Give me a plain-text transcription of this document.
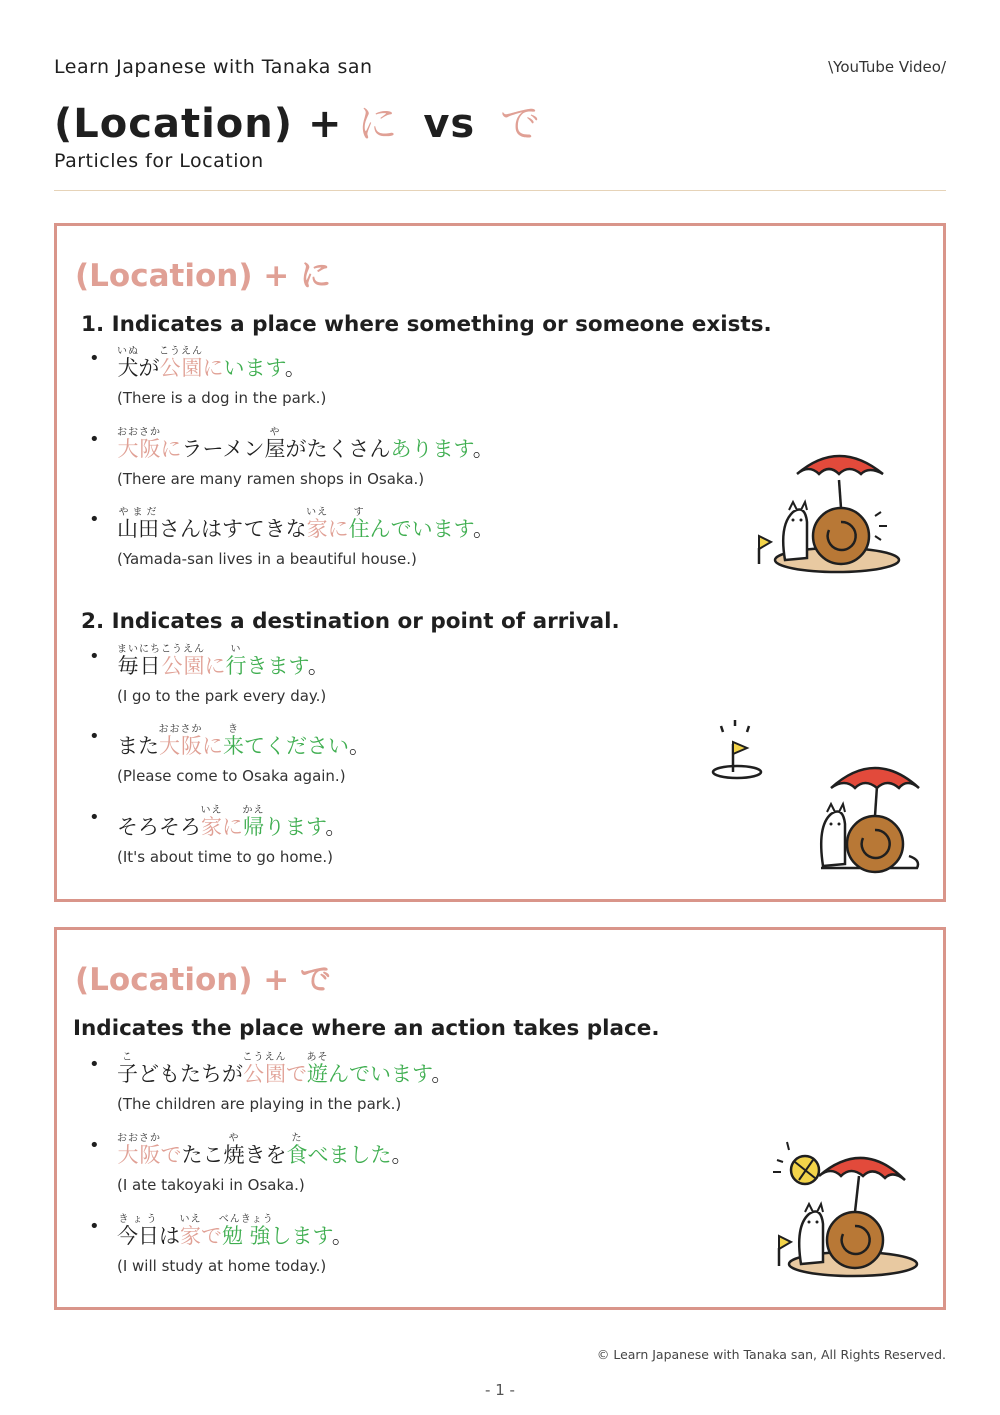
Learn Japanese with Tanaka san	\YouTube Video/
(Location) + に vs で
Particles for Location
(Location) + に
1. Indicates a place where something or someone exists.
• 犬いぬが公園こうえんにいます。
(There is a dog in the park.)
• 大阪おおさかにラーメン屋やがたくさんあります。
(There are many ramen shops in Osaka.)
• 山田やまださんはすてきな家いえに住すんでいます。
(Yamada-san lives in a beautiful house.)
2. Indicates a destination or point of arrival.
• 毎日まいにち公園こうえんに行いきます。
(I go to the park every day.)
• また大阪おおさかに来きてください。
(Please come to Osaka again.)
• そろそろ家いえに帰かえります。
(It's about time to go home.)
(Location) + で
Indicates the place where an action takes place.
• 子こどもたちが公園こうえんで遊あそんでいます。
(The children are playing in the park.)
• 大阪おおさかでたこ焼やきを食たべました。
(I ate takoyaki in Osaka.)
• 今日きょうは家いえで勉強べんきょうします。
(I will study at home today.)
© Learn Japanese with Tanaka san, All Rights Reserved.
- 1 -
